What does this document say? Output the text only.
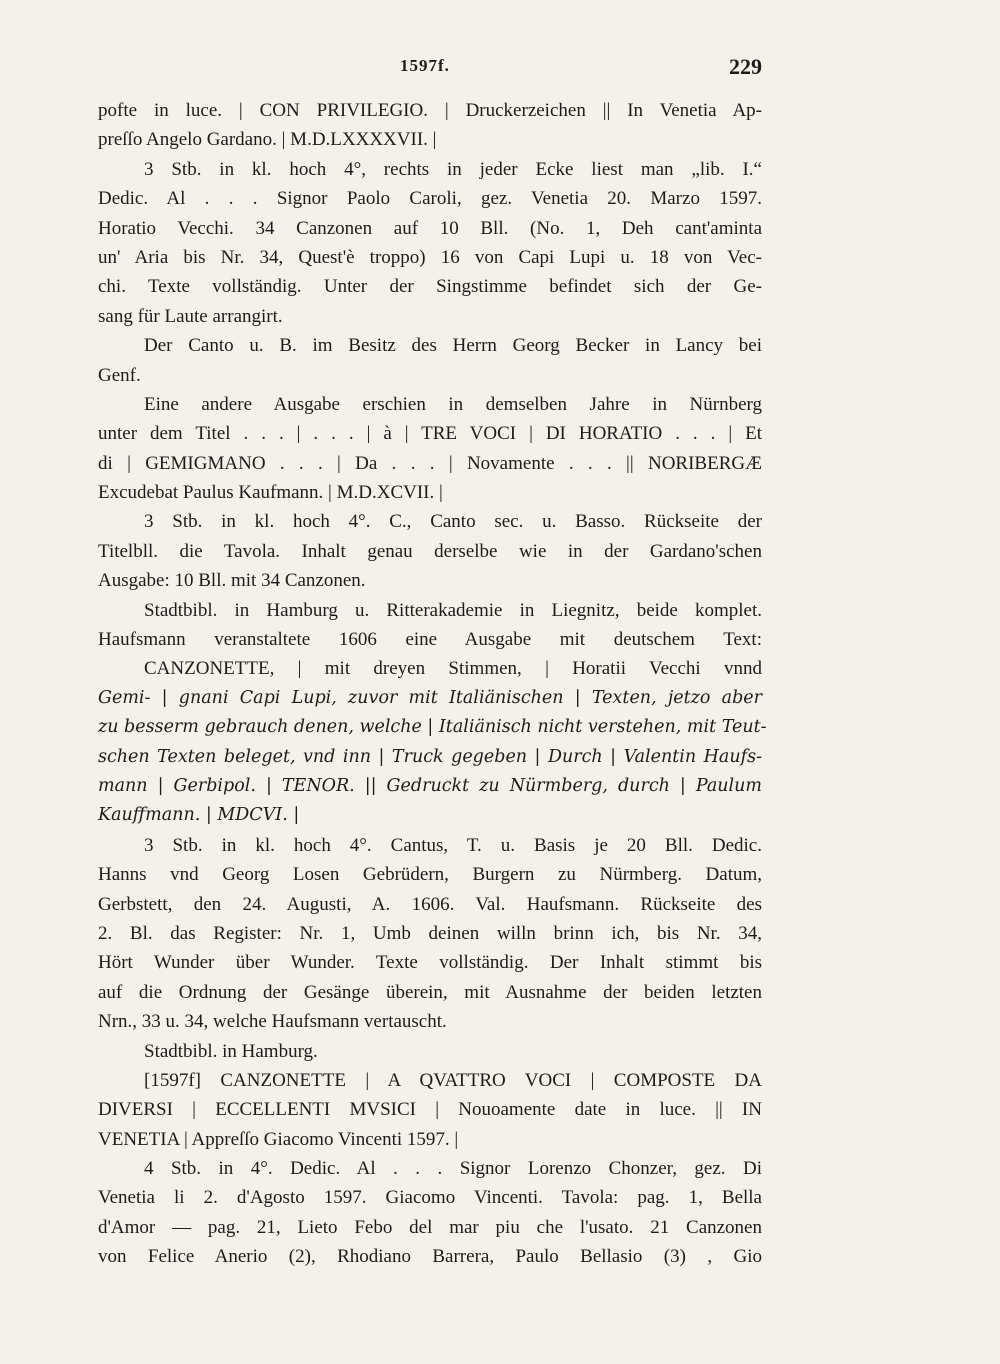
1597f.	229
pofte in luce. | CON PRIVILEGIO. | Druckerzeichen || In Venetia Ap-
preſſo Angelo Gardano. | M.D.LXXXXVII. |
3 Stb. in kl. hoch 4°, rechts in jeder Ecke liest man „lib. I.“
Dedic. Al . . . Signor Paolo Caroli, gez. Venetia 20. Marzo 1597.
Horatio Vecchi. 34 Canzonen auf 10 Bll. (No. 1, Deh cant'aminta
un' Aria bis Nr. 34, Quest'è troppo) 16 von Capi Lupi u. 18 von Vec-
chi. Texte vollständig. Unter der Singstimme befindet sich der Ge-
sang für Laute arrangirt.
Der Canto u. B. im Besitz des Herrn Georg Becker in Lancy bei
Genf.
Eine andere Ausgabe erschien in demselben Jahre in Nürnberg
unter dem Titel . . . | . . . | à | TRE VOCI | DI HORATIO . . . | Et
di | GEMIGMANO . . . | Da . . . | Novamente . . . || NORIBERGÆ
Excudebat Paulus Kaufmann. | M.D.XCVII. |
3 Stb. in kl. hoch 4°. C., Canto sec. u. Basso. Rückseite der
Titelbll. die Tavola. Inhalt genau derselbe wie in der Gardano'schen
Ausgabe: 10 Bll. mit 34 Canzonen.
Stadtbibl. in Hamburg u. Ritterakademie in Liegnitz, beide komplet.
Haufsmann veranstaltete 1606 eine Ausgabe mit deutschem Text:
CANZONETTE, | mit dreyen Stimmen, | Horatii Vecchi vnnd
Gemi- | gnani Capi Lupi, zuvor mit Italiänischen | Texten, jetzo aber
zu besserm gebrauch denen, welche | Italiänisch nicht verstehen, mit Teut-
schen Texten beleget, vnd inn | Truck gegeben | Durch | Valentin Haufs-
mann | Gerbipol. | TENOR. || Gedruckt zu Nürmberg, durch | Paulum
Kauffmann. | MDCVI. |
3 Stb. in kl. hoch 4°. Cantus, T. u. Basis je 20 Bll. Dedic.
Hanns vnd Georg Losen Gebrüdern, Burgern zu Nürmberg. Datum,
Gerbstett, den 24. Augusti, A. 1606. Val. Haufsmann. Rückseite des
2. Bl. das Register: Nr. 1, Umb deinen willn brinn ich, bis Nr. 34,
Hört Wunder über Wunder. Texte vollständig. Der Inhalt stimmt bis
auf die Ordnung der Gesänge überein, mit Ausnahme der beiden letzten
Nrn., 33 u. 34, welche Haufsmann vertauscht.
Stadtbibl. in Hamburg.
[1597f] CANZONETTE | A QVATTRO VOCI | COMPOSTE DA
DIVERSI | ECCELLENTI MVSICI | Nouoamente date in luce. || IN
VENETIA | Appreſſo Giacomo Vincenti 1597. |
4 Stb. in 4°. Dedic. Al . . . Signor Lorenzo Chonzer, gez. Di
Venetia li 2. d'Agosto 1597. Giacomo Vincenti. Tavola: pag. 1, Bella
d'Amor — pag. 21, Lieto Febo del mar piu che l'usato. 21 Canzonen
von Felice Anerio (2), Rhodiano Barrera, Paulo Bellasio (3) , Gio
